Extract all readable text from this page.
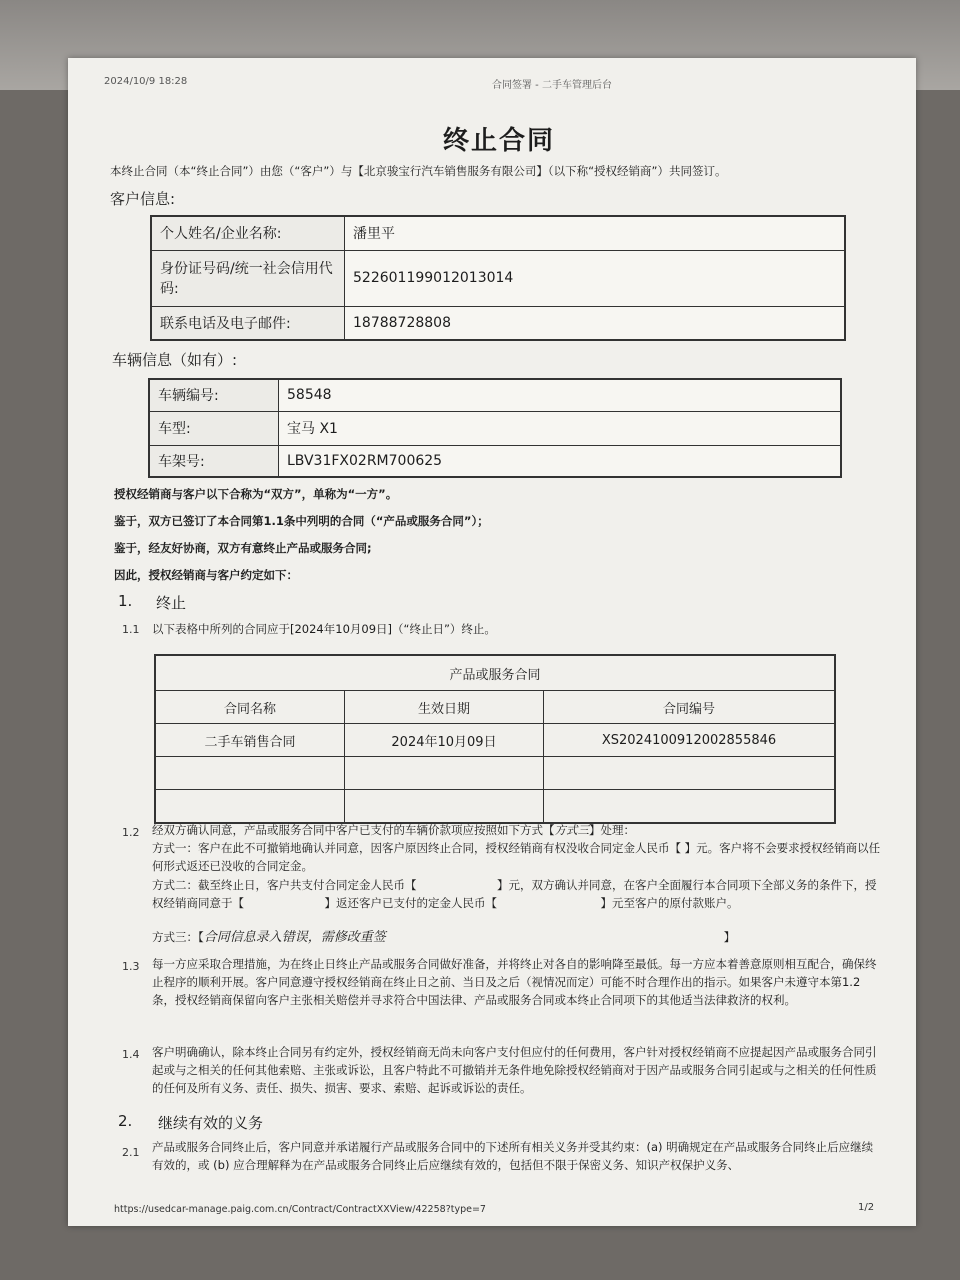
2024/10/9 18:28	合同签署 - 二手车管理后台
终止合同
本终止合同（本“终止合同”）由您（“客户”）与【北京骏宝行汽车销售服务有限公司】（以下称“授权经销商”）共同签订。
客户信息:
个人姓名/企业名称:	潘里平
身份证号码/统一社会信用代码:	522601199012013014
联系电话及电子邮件:	18788728808
车辆信息（如有）:
车辆编号:	58548
车型:	宝马 X1
车架号:	LBV31FX02RM700625
授权经销商与客户以下合称为“双方”，单称为“一方”。
鉴于，双方已签订了本合同第1.1条中列明的合同（“产品或服务合同”）；
鉴于，经友好协商，双方有意终止产品或服务合同;
因此，授权经销商与客户约定如下：
1. 终止
1.1 以下表格中所列的合同应于[2024年10月09日]（“终止日”）终止。
产品或服务合同		
合同名称	生效日期	合同编号
二手车销售合同	2024年10月09日	XS20241009120028558​46

1.2 经双方确认同意，产品或服务合同中客户已支付的车辆价款项应按照如下方式【方式三】处理：
方式一：客户在此不可撤销地确认并同意，因客户原因终止合同，授权经销商有权没收合同定金人民币【 】元。客户将不会要求授权经销商以任何形式返还已没收的合同定金。
方式二：截至终止日，客户共支付合同定金人民币【　　　　　　　】元，双方确认并同意，在客户全面履行本合同项下全部义务的条件下，授权经销商同意于【　　　　　　　】返还客户已支付的定金人民币【　　　　　　　　　】元至客户的原付款账户。
方式三：【合同信息录入错误，需修改重签	】
1.3 每一方应采取合理措施，为在终止日终止产品或服务合同做好准备，并将终止对各自的影响降至最低。每一方应本着善意原则相互配合，确保终止程序的顺利开展。客户同意遵守授权经销商在终止日之前、当日及之后（视情况而定）可能不时合理作出的指示。如果客户未遵守本第1.2条，授权经销商保留向客户主张相关赔偿并寻求符合中国法律、产品或服务合同或本终止合同项下的其他适当法律救济的权利。
1.4 客户明确确认，除本终止合同另有约定外，授权经销商无尚未向客户支付但应付的任何费用，客户针对授权经销商不应提起因产品或服务合同引起或与之相关的任何其他索赔、主张或诉讼，且客户特此不可撤销并无条件地免除授权经销商对于因产品或服务合同引起或与之相关的任何性质的任何及所有义务、责任、损失、损害、要求、索赔、起诉或诉讼的责任。
2. 继续有效的义务
2.1 产品或服务合同终止后，客户同意并承诺履行产品或服务合同中的下述所有相关义务并受其约束：(a) 明确规定在产品或服务合同终止后应继续有效的，或 (b) 应合理解释为在产品或服务合同终止后应继续有效的，包括但不限于保密义务、知识产权保护义务、
https://usedcar-manage.paig.com.cn/Contract/ContractXXView/42258?type=7	1/2
